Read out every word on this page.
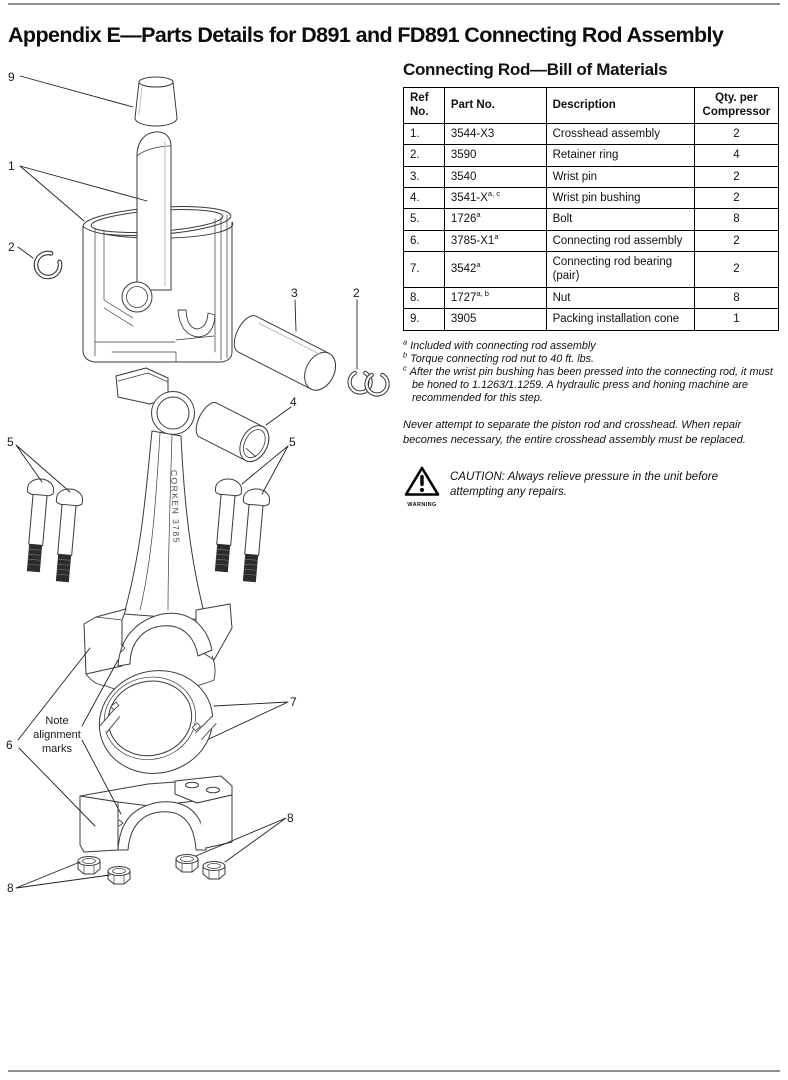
Appendix E—Parts Details for D891 and FD891 Connecting Rod Assembly
CORKEN 3785
9
1
2
3	2
4
5	5
7
6
8
8
Note
alignment
marks
Connecting Rod—Bill of Materials
Ref No.	Part No.	Description	Qty. per Compressor
1.	3544-X3	Crosshead assembly	2
2.	3590	Retainer ring	4
3.	3540	Wrist pin	2
4.	$3541-X^{a, c}$	Wrist pin bushing	2
5.	1726$^a$	Bolt	8
6.	3785-X1$^a$	Connecting rod assembly	2
7.	3542$^a$	Connecting rod bearing (pair)	2
8.	1727$^{a, b}$	Nut	8
9.	3905	Packing installation cone	1
$^a$ Included with connecting rod assembly
$^b$ Torque connecting rod nut to 40 ft. lbs.
$^c$ After the wrist pin bushing has been pressed into the connecting rod, it must be honed to 1.1263/1.1259. A hydraulic press and honing machine are recommended for this step.

Never attempt to separate the piston rod and crosshead. When repair becomes necessary, the entire crosshead assembly must be replaced.

WARNING
CAUTION: Always relieve pressure in the unit before attempting any repairs.
